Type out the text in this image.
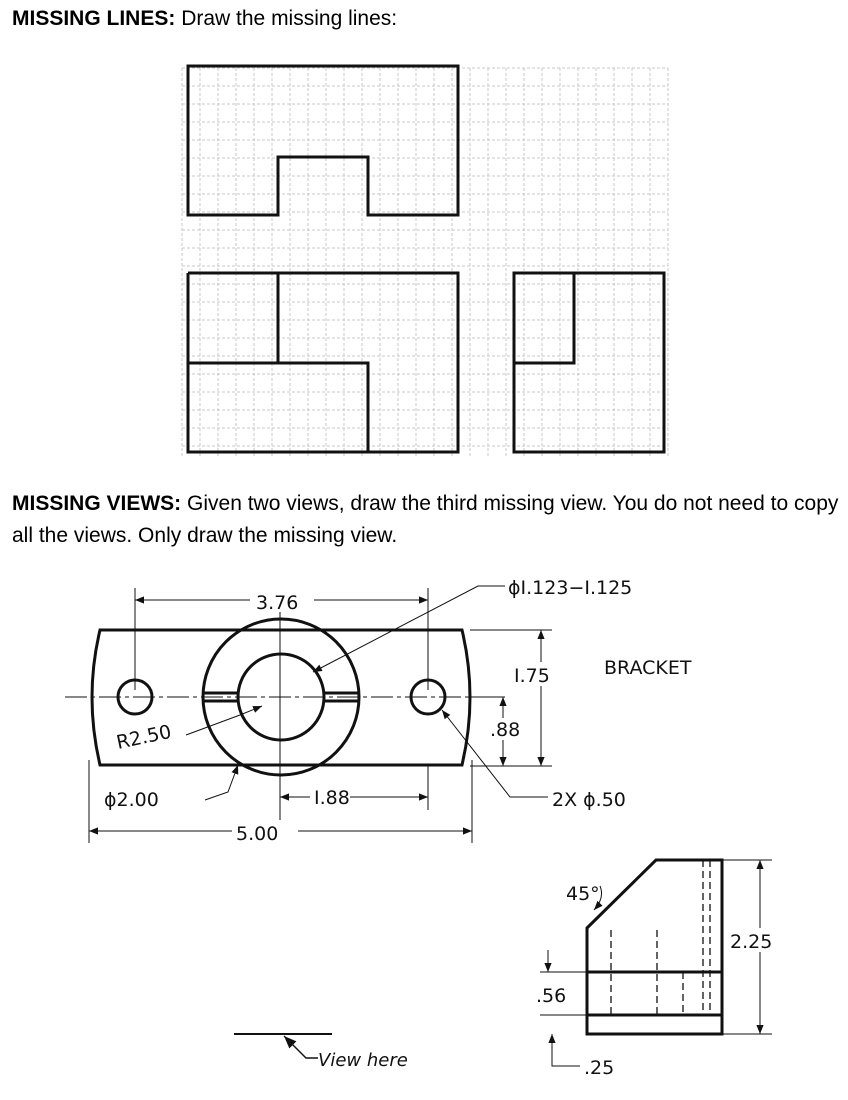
MISSING LINES: Draw the missing lines:

MISSING VIEWS: Given two views, draw the third missing view. You do not need to copy all the views. Only draw the missing view.

3.76
ϕI.123−I.125
BRACKET
I.75
.88
R2.50
ϕ2.00	I.88
5.00
2X ϕ.50
2.25
45°
.56
.25
View here
